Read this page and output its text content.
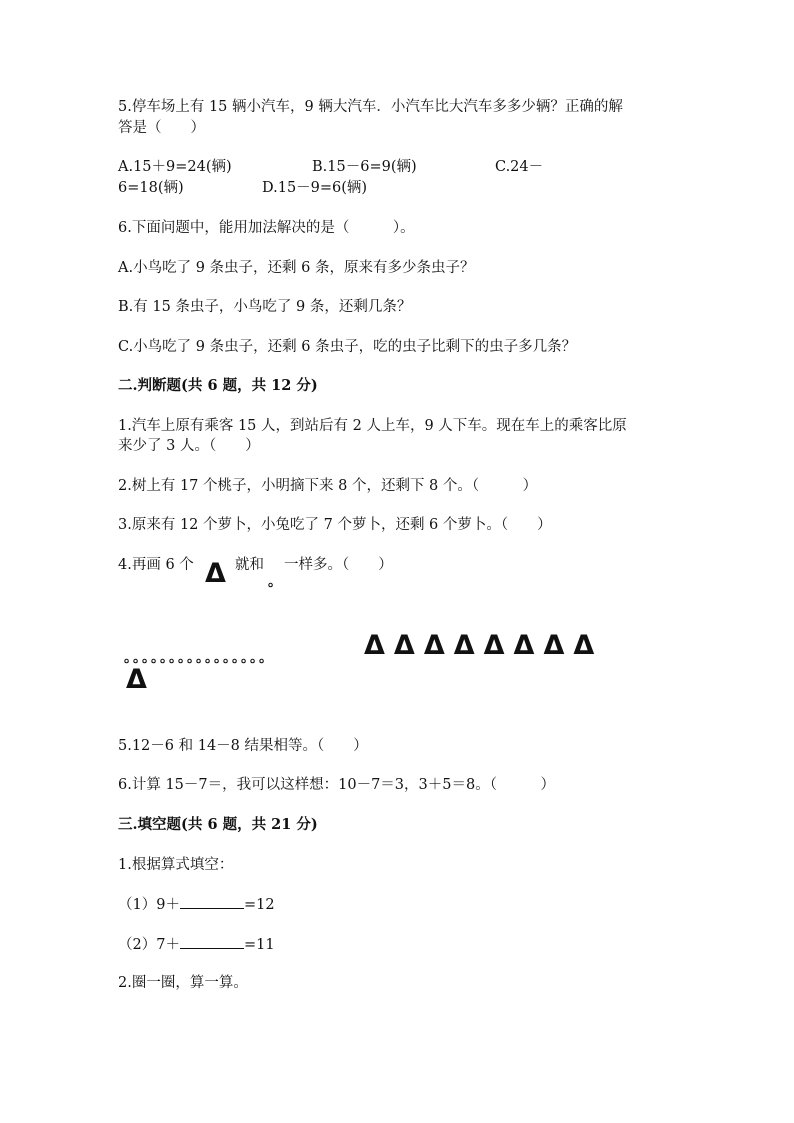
5.停车场上有 15 辆小汽车，9 辆大汽车．小汽车比大汽车多多少辆？正确的解
答是（　　）
A.15＋9=24(辆)	B.15－6=9(辆)	C.24－
6=18(辆)	D.15－9=6(辆)
6.下面问题中，能用加法解决的是（　　　）。
A.小鸟吃了 9 条虫子，还剩 6 条，原来有多少条虫子？
B.有 15 条虫子，小鸟吃了 9 条，还剩几条？
C.小鸟吃了 9 条虫子，还剩 6 条虫子，吃的虫子比剩下的虫子多几条？
二.判断题(共 6 题，共 12 分)
1.汽车上原有乘客 15 人，到站后有 2 人上车，9 人下车。现在车上的乘客比原
来少了 3 人。（　　）
2.树上有 17 个桃子，小明摘下来 8 个，还剩下 8 个。（　　　）
3.原来有 12 个萝卜，小兔吃了 7 个萝卜，还剩 6 个萝卜。（　　）
4.再画 6 个 Δ 就和
。
一样多。（　　）
。。。。。。。。。。。。。。。。	Δ Δ Δ Δ Δ Δ Δ Δ
Δ
5.12－6 和 14－8 结果相等。（　　）
6.计算 15－7＝，我可以这样想：10－7＝3，3＋5＝8。（　　　）
三.填空题(共 6 题，共 21 分)
1.根据算式填空：
（1）9＋	=12
（2）7＋	=11
2.圈一圈，算一算。
